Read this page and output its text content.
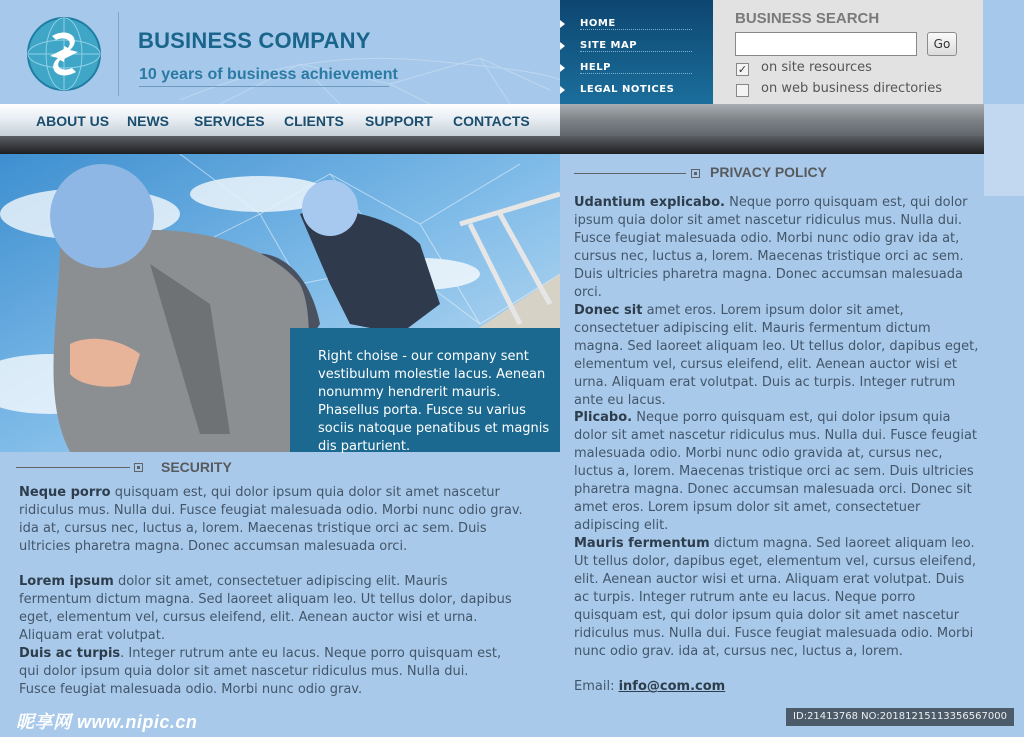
BUSINESS COMPANY
10 years of business achievement
HOME
SITE MAP
HELP
LEGAL NOTICES
BUSINESS SEARCH
Go
✓ on site resources
on web business directories
ABOUT US NEWS SERVICES CLIENTS SUPPORT CONTACTS
Right choise - our company sent vestibulum molestie lacus. Aenean nonummy hendrerit mauris. Phasellus porta. Fusce su varius sociis natoque penatibus et magnis dis parturient.
SECURITY
Neque porro quisquam est, qui dolor ipsum quia dolor sit amet nascetur ridiculus mus. Nulla dui. Fusce feugiat malesuada odio. Morbi nunc odio grav. ida at, cursus nec, luctus a, lorem. Maecenas tristique orci ac sem. Duis ultricies pharetra magna. Donec accumsan malesuada orci.
Lorem ipsum dolor sit amet, consectetuer adipiscing elit. Mauris fermentum dictum magna. Sed laoreet aliquam leo. Ut tellus dolor, dapibus eget, elementum vel, cursus eleifend, elit. Aenean auctor wisi et urna. Aliquam erat volutpat.
Duis ac turpis. Integer rutrum ante eu lacus. Neque porro quisquam est, qui dolor ipsum quia dolor sit amet nascetur ridiculus mus. Nulla dui. Fusce feugiat malesuada odio. Morbi nunc odio grav.
PRIVACY POLICY
Udantium explicabo. Neque porro quisquam est, qui dolor ipsum quia dolor sit amet nascetur ridiculus mus. Nulla dui. Fusce feugiat malesuada odio. Morbi nunc odio grav ida at, cursus nec, luctus a, lorem. Maecenas tristique orci ac sem. Duis ultricies pharetra magna. Donec accumsan malesuada orci.
Donec sit amet eros. Lorem ipsum dolor sit amet, consectetuer adipiscing elit. Mauris fermentum dictum magna. Sed laoreet aliquam leo. Ut tellus dolor, dapibus eget, elementum vel, cursus eleifend, elit. Aenean auctor wisi et urna. Aliquam erat volutpat. Duis ac turpis. Integer rutrum ante eu lacus.
Plicabo. Neque porro quisquam est, qui dolor ipsum quia dolor sit amet nascetur ridiculus mus. Nulla dui. Fusce feugiat malesuada odio. Morbi nunc odio gravida at, cursus nec, luctus a, lorem. Maecenas tristique orci ac sem. Duis ultricies pharetra magna. Donec accumsan malesuada orci. Donec sit amet eros. Lorem ipsum dolor sit amet, consectetuer adipiscing elit.
Mauris fermentum dictum magna. Sed laoreet aliquam leo. Ut tellus dolor, dapibus eget, elementum vel, cursus eleifend, elit. Aenean auctor wisi et urna. Aliquam erat volutpat. Duis ac turpis. Integer rutrum ante eu lacus. Neque porro quisquam est, qui dolor ipsum quia dolor sit amet nascetur ridiculus mus. Nulla dui. Fusce feugiat malesuada odio. Morbi nunc odio grav. ida at, cursus nec, luctus a, lorem.
Email: info@com.com
昵享网 www.nipic.cn	ID:21413768 NO:20181215113356567000
